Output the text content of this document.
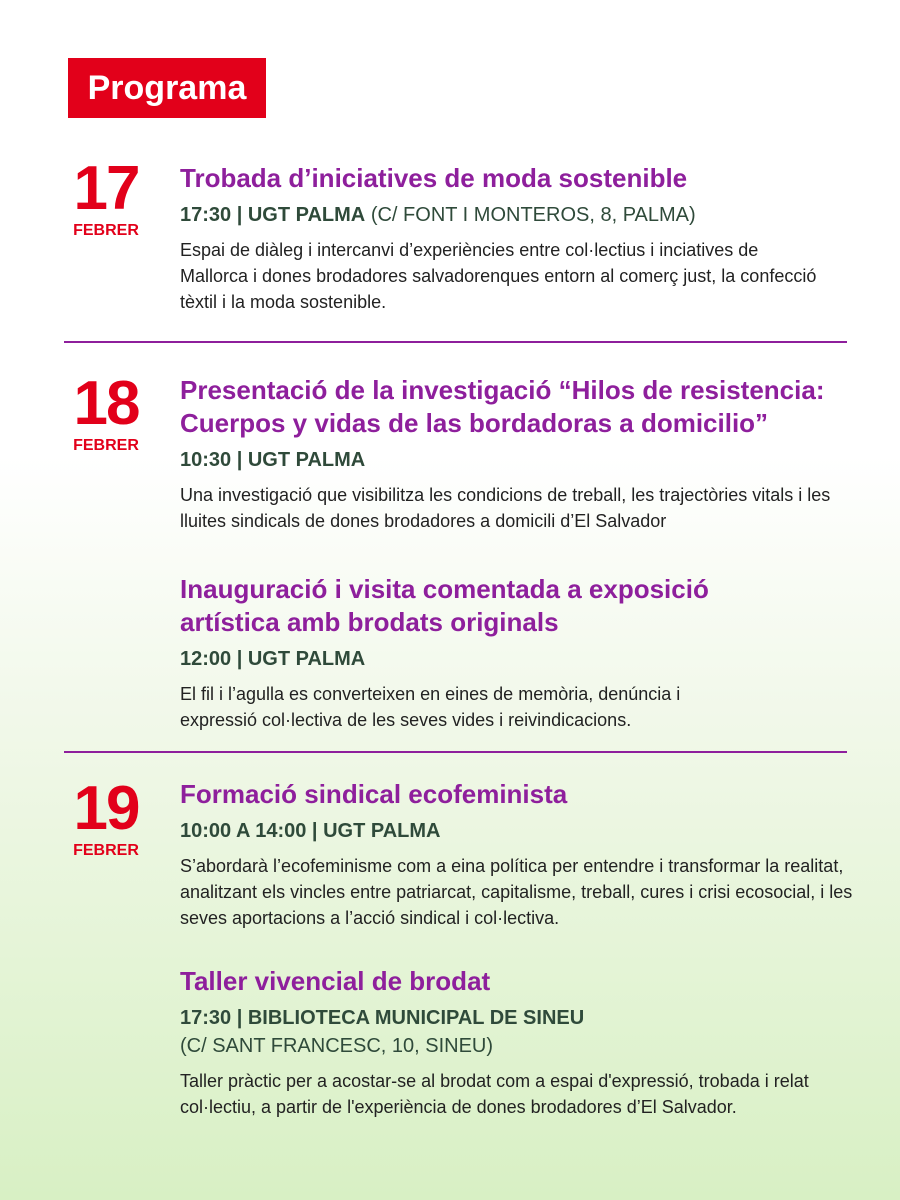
Programa
17
FEBRER

Trobada d’iniciatives de moda sostenible

17:30 | UGT PALMA (C/ FONT I MONTEROS, 8, PALMA)

Espai de diàleg i intercanvi d’experiències entre col·lectius i inciatives de Mallorca i dones brodadores salvadorenques entorn al comerç just, la confecció tèxtil i la moda sostenible.

18
FEBRER

Presentació de la investigació “Hilos de resistencia: Cuerpos y vidas de las bordadoras a domicilio”

10:30 | UGT PALMA

Una investigació que visibilitza les condicions de treball, les trajectòries vitals i les lluites sindicals de dones brodadores a domicili d’El Salvador

Inauguració i visita comentada a exposició artística amb brodats originals

12:00 | UGT PALMA

El fil i l’agulla es converteixen en eines de memòria, denúncia i expressió col·lectiva de les seves vides i reivindicacions.

19
FEBRER

Formació sindical ecofeminista

10:00 A 14:00 | UGT PALMA

S’abordarà l’ecofeminisme com a eina política per entendre i transformar la realitat, analitzant els vincles entre patriarcat, capitalisme, treball, cures i crisi ecosocial, i les seves aportacions a l’acció sindical i col·lectiva.

Taller vivencial de brodat

17:30 | BIBLIOTECA MUNICIPAL DE SINEU

(C/ SANT FRANCESC, 10, SINEU)

Taller pràctic per a acostar-se al brodat com a espai d'expressió, trobada i relat col·lectiu, a partir de l'experiència de dones brodadores d’El Salvador.
